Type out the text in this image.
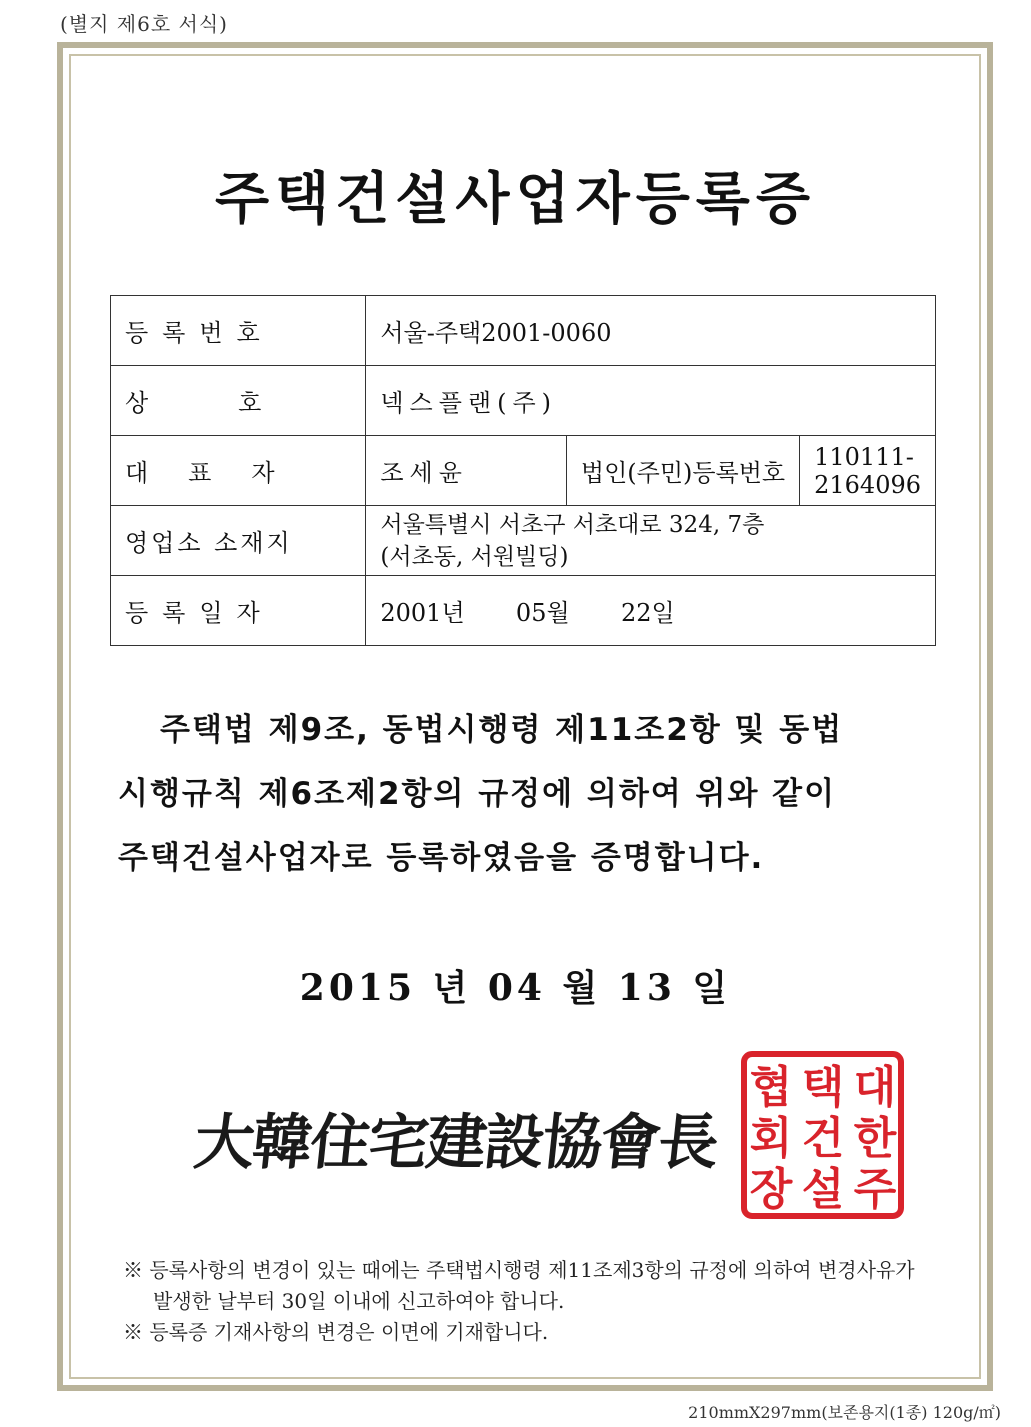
(별지 제6호 서식)
주택건설사업자등록증
등록번호	서울-주택2001-0060		
상호	넥스플랜(주)		
대표자	조세윤	법인(주민)등록번호	110111-2164096
영업소 소재지	서울특별시 서초구 서초대로 324, 7층
(서초동, 서원빌딩)		

등록일자	2001년 05월 22일		
주택법 제9조, 동법시행령 제11조2항 및 동법
시행규칙 제6조제2항의 규정에 의하여 위와 같이
주택건설사업자로 등록하였음을 증명합니다.
2015 년 04 월 13 일
大韓住宅建設協會長
대
한
주
택
건
설
협
회
장
※ 등록사항의 변경이 있는 때에는 주택법시행령 제11조제3항의 규정에 의하여 변경사유가
발생한 날부터 30일 이내에 신고하여야 합니다.
※ 등록증 기재사항의 변경은 이면에 기재합니다.
210mmX297mm(보존용지(1종) 120g/㎡)
